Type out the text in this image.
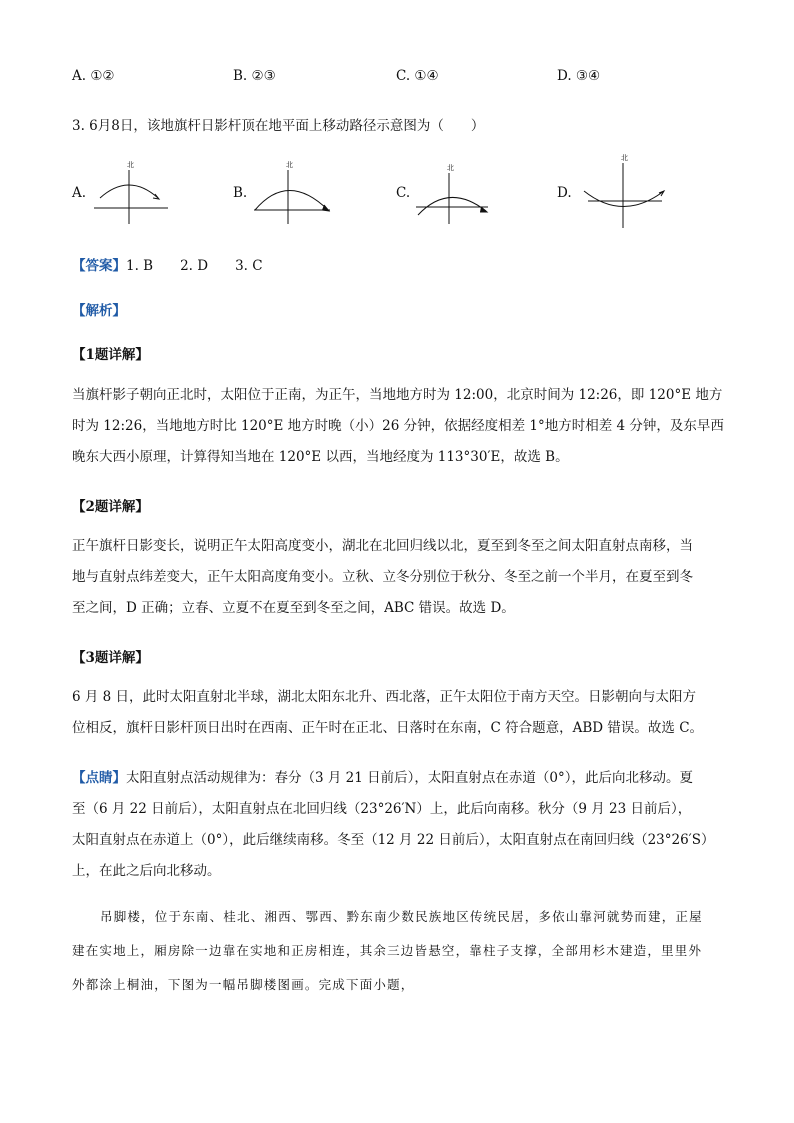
A. ①②	B. ②③	C. ①④	D. ③④
3. 6月8日，该地旗杆日影杆顶在地平面上移动路径示意图为（　　）
A.	B.	C.	D.
北	北	北
北
【答案】1. B　　2. D　　3. C
【解析】
【1题详解】
当旗杆影子朝向正北时，太阳位于正南，为正午，当地地方时为 12:00，北京时间为 12:26，即 120°E 地方
时为 12:26，当地地方时比 120°E 地方时晚（小）26 分钟，依据经度相差 1°地方时相差 4 分钟，及东早西
晚东大西小原理，计算得知当地在 120°E 以西，当地经度为 113°30′E，故选 B。
【2题详解】
正午旗杆日影变长，说明正午太阳高度变小，湖北在北回归线以北，夏至到冬至之间太阳直射点南移，当
地与直射点纬差变大，正午太阳高度角变小。立秋、立冬分别位于秋分、冬至之前一个半月，在夏至到冬
至之间，D 正确；立春、立夏不在夏至到冬至之间，ABC 错误。故选 D。
【3题详解】
6 月 8 日，此时太阳直射北半球，湖北太阳东北升、西北落，正午太阳位于南方天空。日影朝向与太阳方
位相反，旗杆日影杆顶日出时在西南、正午时在正北、日落时在东南，C 符合题意，ABD 错误。故选 C。
【点睛】太阳直射点活动规律为：春分（3 月 21 日前后），太阳直射点在赤道（0°），此后向北移动。夏
至（6 月 22 日前后），太阳直射点在北回归线（23°26′N）上，此后向南移。秋分（9 月 23 日前后），
太阳直射点在赤道上（0°），此后继续南移。冬至（12 月 22 日前后），太阳直射点在南回归线（23°26′S）
上，在此之后向北移动。
吊脚楼，位于东南、桂北、湘西、鄂西、黔东南少数民族地区传统民居，多依山靠河就势而建，正屋
建在实地上，厢房除一边靠在实地和正房相连，其余三边皆悬空，靠柱子支撑，全部用杉木建造，里里外
外都涂上桐油，下图为一幅吊脚楼图画。完成下面小题，
